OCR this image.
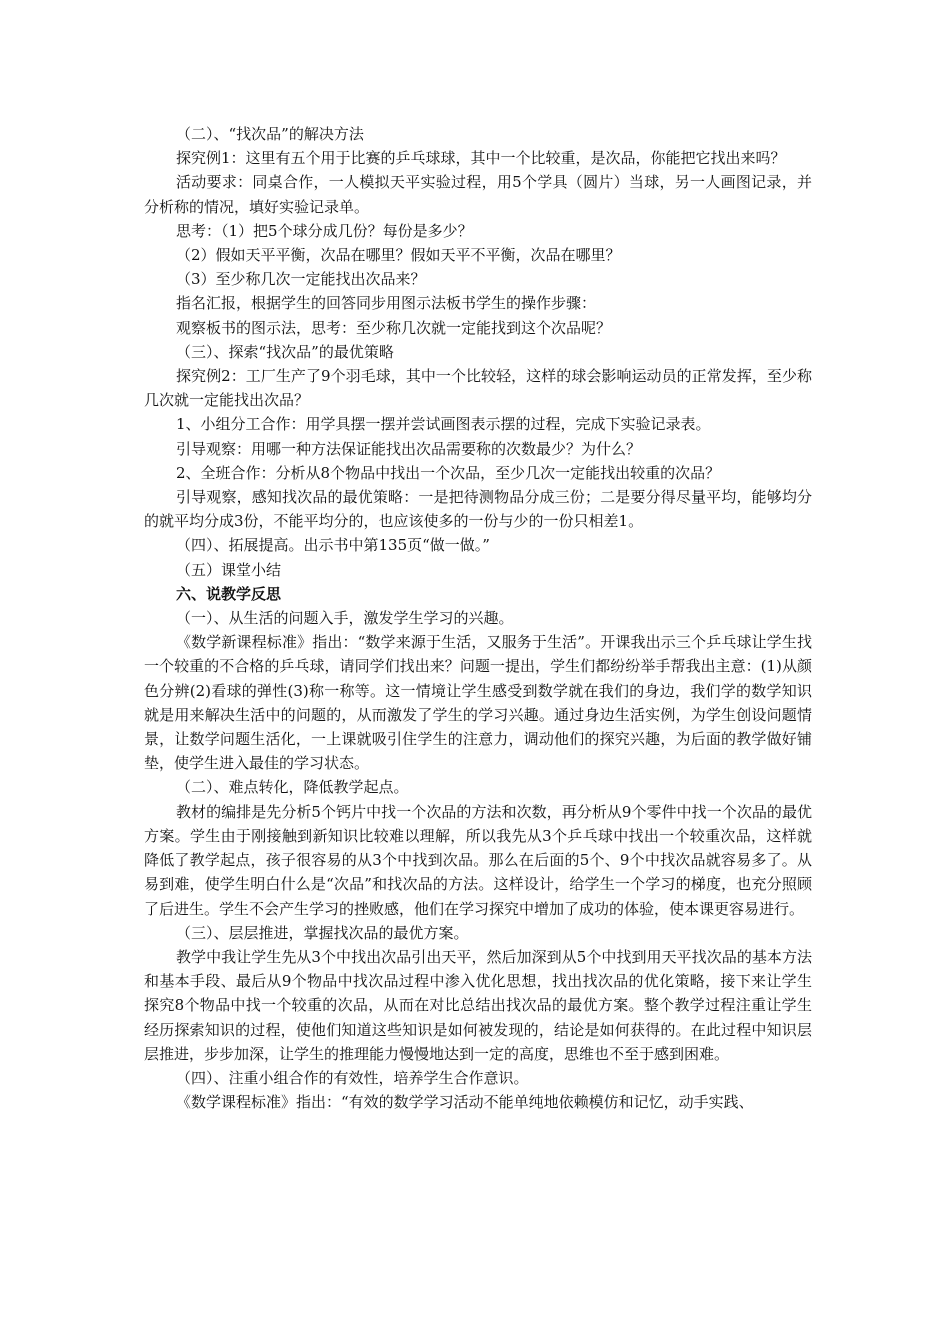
（二）、“找次品”的解决方法

探究例1：这里有五个用于比赛的乒乓球球，其中一个比较重，是次品，你能把它找出来吗？

活动要求：同桌合作，一人模拟天平实验过程，用5个学具（圆片）当球，另一人画图记录，并分析称的情况，填好实验记录单。

思考：（1）把5个球分成几份？每份是多少？

（2）假如天平平衡，次品在哪里？假如天平不平衡，次品在哪里？

（3）至少称几次一定能找出次品来？

指名汇报，根据学生的回答同步用图示法板书学生的操作步骤：

观察板书的图示法，思考：至少称几次就一定能找到这个次品呢？

（三）、探索“找次品”的最优策略

探究例2：工厂生产了9个羽毛球，其中一个比较轻，这样的球会影响运动员的正常发挥，至少称几次就一定能找出次品？

1、小组分工合作：用学具摆一摆并尝试画图表示摆的过程，完成下实验记录表。

引导观察：用哪一种方法保证能找出次品需要称的次数最少？为什么？

2、全班合作：分析从8个物品中找出一个次品，至少几次一定能找出较重的次品？

引导观察，感知找次品的最优策略：一是把待测物品分成三份；二是要分得尽量平均，能够均分的就平均分成3份，不能平均分的，也应该使多的一份与少的一份只相差1。

（四）、拓展提高。出示书中第135页“做一做。”

（五）课堂小结

六、说教学反思

（一）、从生活的问题入手，激发学生学习的兴趣。

《数学新课程标准》指出：“数学来源于生活，又服务于生活”。开课我出示三个乒乓球让学生找一个较重的不合格的乒乓球，请同学们找出来？问题一提出，学生们都纷纷举手帮我出主意：(1)从颜色分辨(2)看球的弹性(3)称一称等。这一情境让学生感受到数学就在我们的身边，我们学的数学知识就是用来解决生活中的问题的，从而激发了学生的学习兴趣。通过身边生活实例，为学生创设问题情景，让数学问题生活化，一上课就吸引住学生的注意力，调动他们的探究兴趣，为后面的教学做好铺垫，使学生进入最佳的学习状态。

（二）、难点转化，降低教学起点。

教材的编排是先分析5个钙片中找一个次品的方法和次数，再分析从9个零件中找一个次品的最优方案。学生由于刚接触到新知识比较难以理解，所以我先从3个乒乓球中找出一个较重次品，这样就降低了教学起点，孩子很容易的从3个中找到次品。那么在后面的5个、9个中找次品就容易多了。从易到难，使学生明白什么是“次品”和找次品的方法。这样设计，给学生一个学习的梯度，也充分照顾了后进生。学生不会产生学习的挫败感，他们在学习探究中增加了成功的体验，使本课更容易进行。

（三）、层层推进，掌握找次品的最优方案。

教学中我让学生先从3个中找出次品引出天平，然后加深到从5个中找到用天平找次品的基本方法和基本手段、最后从9个物品中找次品过程中渗入优化思想，找出找次品的优化策略，接下来让学生探究8个物品中找一个较重的次品，从而在对比总结出找次品的最优方案。整个教学过程注重让学生经历探索知识的过程，使他们知道这些知识是如何被发现的，结论是如何获得的。在此过程中知识层层推进，步步加深，让学生的推理能力慢慢地达到一定的高度，思维也不至于感到困难。

（四）、注重小组合作的有效性，培养学生合作意识。

《数学课程标准》指出：“有效的数学学习活动不能单纯地依赖模仿和记忆，动手实践、
